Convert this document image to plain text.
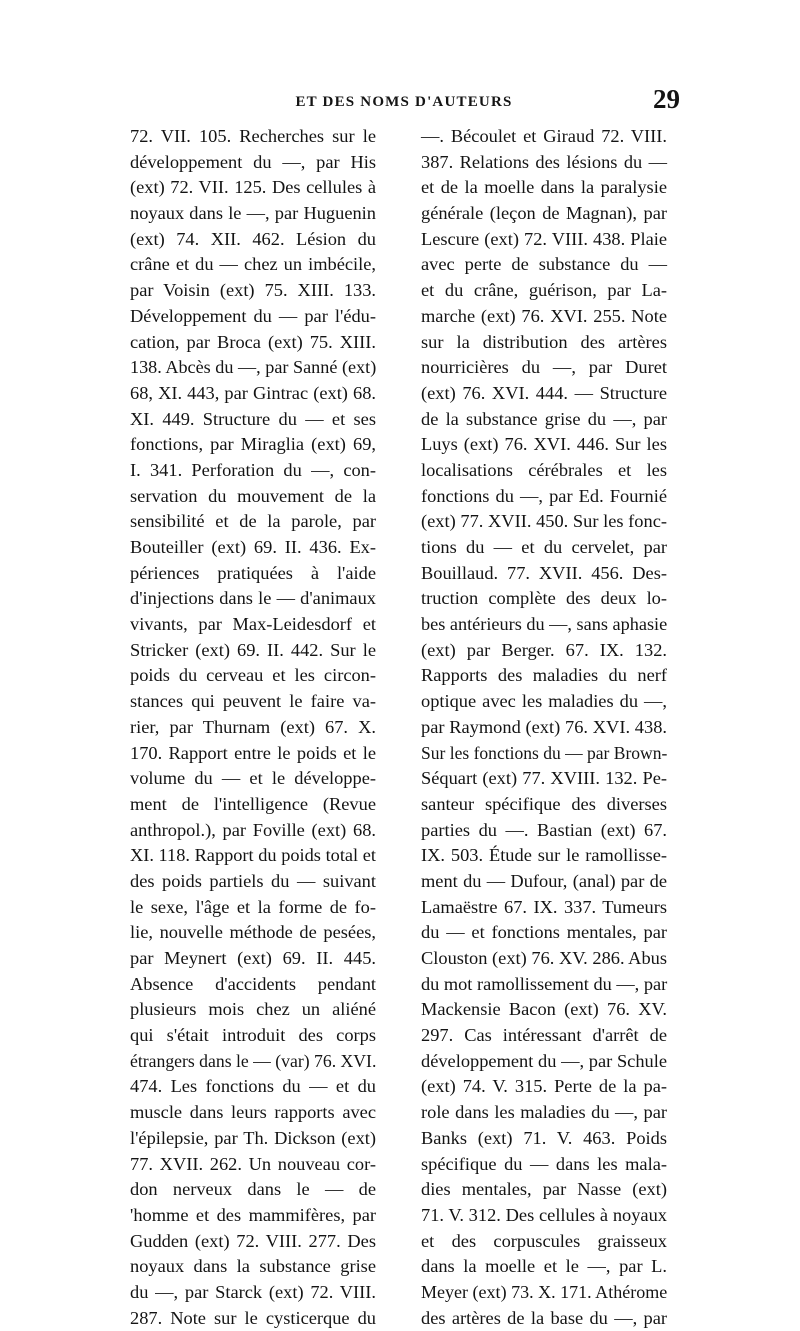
ET DES NOMS D'AUTEURS	29
72. VII. 105. Recherches sur le
développement du —, par His
(ext) 72. VII. 125. Des cellules à
noyaux dans le —, par Huguenin
(ext) 74. XII. 462. Lésion du
crâne et du — chez un imbécile,
par Voisin (ext) 75. XIII. 133.
Développement du — par l'édu-
cation, par Broca (ext) 75. XIII.
138. Abcès du —, par Sanné (ext)
68, XI. 443, par Gintrac (ext) 68.
XI. 449. Structure du — et ses
fonctions, par Miraglia (ext) 69,
I. 341. Perforation du —, con-
servation du mouvement de la
sensibilité et de la parole, par
Bouteiller (ext) 69. II. 436. Ex-
périences pratiquées à l'aide
d'injections dans le — d'animaux
vivants, par Max-Leidesdorf et
Stricker (ext) 69. II. 442. Sur le
poids du cerveau et les circon-
stances qui peuvent le faire va-
rier, par Thurnam (ext) 67. X.
170. Rapport entre le poids et le
volume du — et le développe-
ment de l'intelligence (Revue
anthropol.), par Foville (ext) 68.
XI. 118. Rapport du poids total et
des poids partiels du — suivant
le sexe, l'âge et la forme de fo-
lie, nouvelle méthode de pesées,
par Meynert (ext) 69. II. 445.
Absence d'accidents pendant
plusieurs mois chez un aliéné
qui s'était introduit des corps
étrangers dans le — (var) 76. XVI.
474. Les fonctions du — et du
muscle dans leurs rapports avec
l'épilepsie, par Th. Dickson (ext)
77. XVII. 262. Un nouveau cor-
don nerveux dans le — de
'homme et des mammifères, par
Gudden (ext) 72. VIII. 277. Des
noyaux dans la substance grise
du —, par Starck (ext) 72. VIII.
287. Note sur le cysticerque du
—. Bécoulet et Giraud 72. VIII.
387. Relations des lésions du —
et de la moelle dans la paralysie
générale (leçon de Magnan), par
Lescure (ext) 72. VIII. 438. Plaie
avec perte de substance du —
et du crâne, guérison, par La-
marche (ext) 76. XVI. 255. Note
sur la distribution des artères
nourricières du —, par Duret
(ext) 76. XVI. 444. — Structure
de la substance grise du —, par
Luys (ext) 76. XVI. 446. Sur les
localisations cérébrales et les
fonctions du —, par Ed. Fournié
(ext) 77. XVII. 450. Sur les fonc-
tions du — et du cervelet, par
Bouillaud. 77. XVII. 456. Des-
truction complète des deux lo-
bes antérieurs du —, sans aphasie
(ext) par Berger. 67. IX. 132.
Rapports des maladies du nerf
optique avec les maladies du —,
par Raymond (ext) 76. XVI. 438.
Sur les fonctions du — par Brown-
Séquart (ext) 77. XVIII. 132. Pe-
santeur spécifique des diverses
parties du —. Bastian (ext) 67.
IX. 503. Étude sur le ramollisse-
ment du — Dufour, (anal) par de
Lamaëstre 67. IX. 337. Tumeurs
du — et fonctions mentales, par
Clouston (ext) 76. XV. 286. Abus
du mot ramollissement du —, par
Mackensie Bacon (ext) 76. XV.
297. Cas intéressant d'arrêt de
développement du —, par Schule
(ext) 74. V. 315. Perte de la pa-
role dans les maladies du —, par
Banks (ext) 71. V. 463. Poids
spécifique du — dans les mala-
dies mentales, par Nasse (ext)
71. V. 312. Des cellules à noyaux
et des corpuscules graisseux
dans la moelle et le —, par L.
Meyer (ext) 73. X. 171. Athérome
des artères de la base du —, par
